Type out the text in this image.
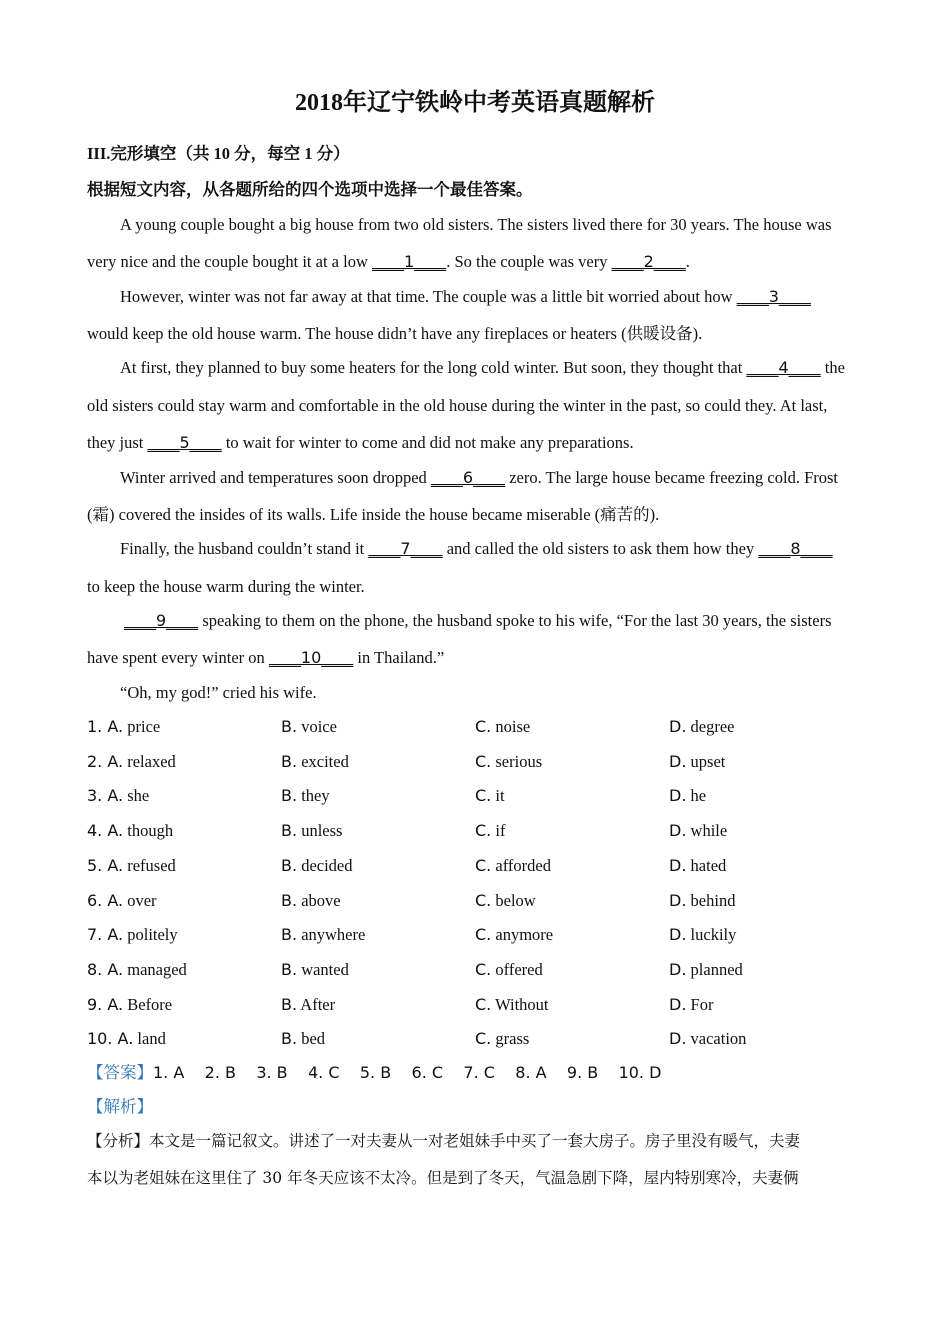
2018年辽宁铁岭中考英语真题解析
III.完形填空（共 10 分，每空 1 分）
根据短文内容，从各题所给的四个选项中选择一个最佳答案。
A young couple bought a big house from two old sisters. The sisters lived there for 30 years. The house was
very nice and the couple bought it at a low ____1____. So the couple was very ____2____.
However, winter was not far away at that time. The couple was a little bit worried about how ____3____
would keep the old house warm. The house didn’t have any fireplaces or heaters (供暖设备).
At first, they planned to buy some heaters for the long cold winter. But soon, they thought that ____4____ the
old sisters could stay warm and comfortable in the old house during the winter in the past, so could they. At last,
they just ____5____ to wait for winter to come and did not make any preparations.
Winter arrived and temperatures soon dropped ____6____ zero. The large house became freezing cold. Frost
(霜) covered the insides of its walls. Life inside the house became miserable (痛苦的).
Finally, the husband couldn’t stand it ____7____ and called the old sisters to ask them how they ____8____
to keep the house warm during the winter.
____9____ speaking to them on the phone, the husband spoke to his wife, “For the last 30 years, the sisters
have spent every winter on ____10____ in Thailand.”
“Oh, my god!” cried his wife.
1. A. price	B. voice	C. noise	D. degree
2. A. relaxed	B. excited	C. serious	D. upset
3. A. she	B. they	C. it	D. he
4. A. though	B. unless	C. if	D. while
5. A. refused	B. decided	C. afforded	D. hated
6. A. over	B. above	C. below	D. behind
7. A. politely	B. anywhere	C. anymore	D. luckily
8. A. managed	B. wanted	C. offered	D. planned
9. A. Before	B. After	C. Without	D. For
10. A. land	B. bed	C. grass	D. vacation
【答案】1. A    2. B    3. B    4. C    5. B    6. C    7. C    8. A    9. B    10. D
【解析】
【分析】本文是一篇记叙文。讲述了一对夫妻从一对老姐妹手中买了一套大房子。房子里没有暖气，夫妻
本以为老姐妹在这里住了 30 年冬天应该不太冷。但是到了冬天，气温急剧下降，屋内特别寒冷，夫妻俩
